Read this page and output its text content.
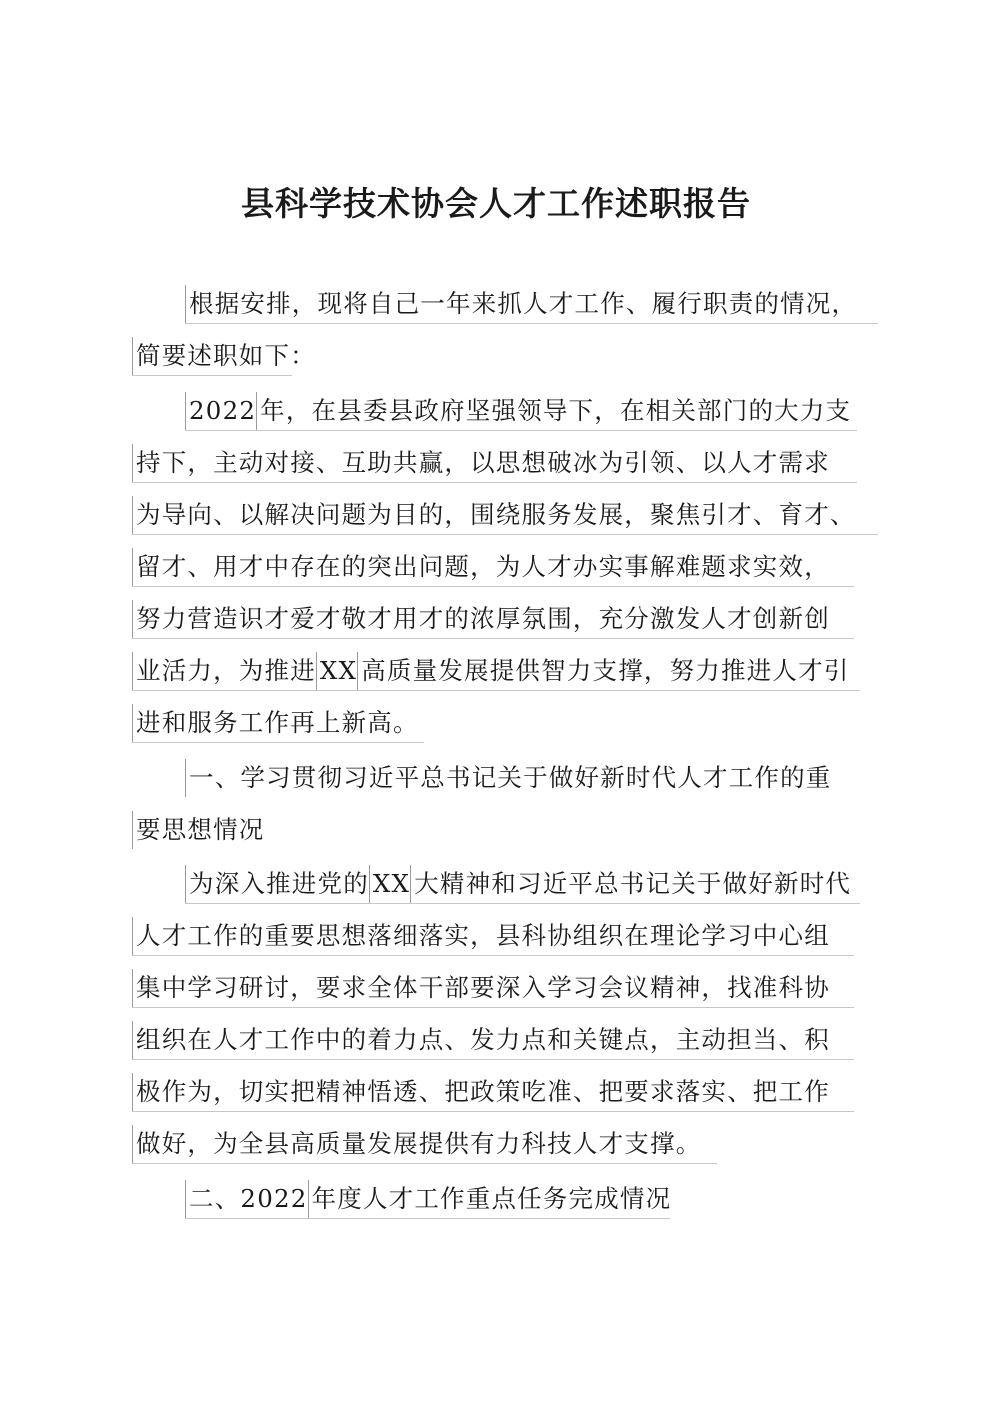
县科学技术协会人才工作述职报告
根据安排，现将自己一年来抓人才工作、履行职责的情况，
简要述职如下：
2022 年，在县委县政府坚强领导下，在相关部门的大力支
持下，主动对接、互助共赢，以思想破冰为引领、以人才需求
为导向、以解决问题为目的，围绕服务发展，聚焦引才、育才、
留才、用才中存在的突出问题，为人才办实事解难题求实效，
努力营造识才爱才敬才用才的浓厚氛围，充分激发人才创新创
业活力，为推进 XX 高质量发展提供智力支撑，努力推进人才引
进和服务工作再上新高。
一、学习贯彻习近平总书记关于做好新时代人才工作的重
要思想情况
为深入推进党的 XX 大精神和习近平总书记关于做好新时代
人才工作的重要思想落细落实，县科协组织在理论学习中心组
集中学习研讨，要求全体干部要深入学习会议精神，找准科协
组织在人才工作中的着力点、发力点和关键点，主动担当、积
极作为，切实把精神悟透、把政策吃准、把要求落实、把工作
做好，为全县高质量发展提供有力科技人才支撑。
二、2022 年度人才工作重点任务完成情况
